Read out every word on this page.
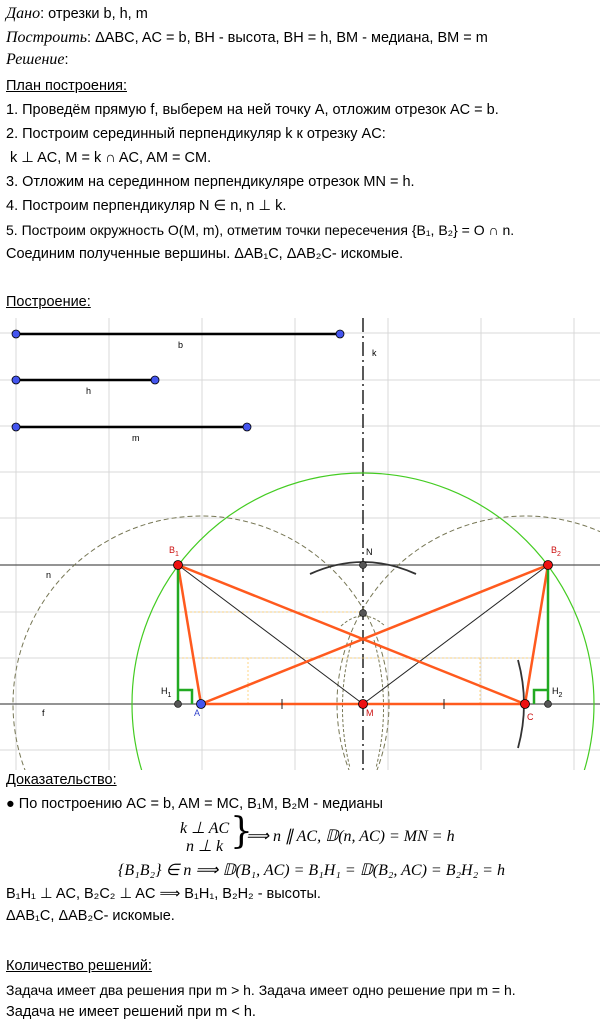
Дано: отрезки b, h, m
Построить: ΔABC, AC = b, BH - высота, BH = h, BM - медиана, BM = m
Решение:
План построения:
1. Проведём прямую f, выберем на ней точку A, отложим отрезок AC = b.
2. Построим серединный перпендикуляр k к отрезку AC:
k ⊥ AC, M = k ∩ AC, AM = CM.
3. Отложим на серединном перпендикуляре отрезок MN = h.
4. Построим перпендикуляр N ∈ n, n ⊥ k.
5. Построим окружность O(M, m), отметим точки пересечения {B₁, B₂} = O ∩ n.
Соединим полученные вершины. ΔAB₁C, ΔAB₂C- искомые.
Построение:
b
h
m
k
n
f
$B_1$	$B_2$
N
M
A	C
$H_1$	$H_2$
Доказательство:
● По построению AC = b, AM = MC, B₁M, B₂M - медианы
k ⊥ AC
n ⊥ k }
⟹ n ∥ AC, 𝔻(n, AC) = MN = h
{B₁B₂} ∈ n ⟹ 𝔻(B₁, AC) = B₁H₁ = 𝔻(B₂, AC) = B₂H₂ = h
B₁H₁ ⊥ AC, B₂C₂ ⊥ AC ⟹ B₁H₁, B₂H₂ - высоты.
ΔAB₁C, ΔAB₂C- искомые.
Количество решений:
Задача имеет два решения при m > h. Задача имеет одно решение при m = h.
Задача не имеет решений при m < h.
